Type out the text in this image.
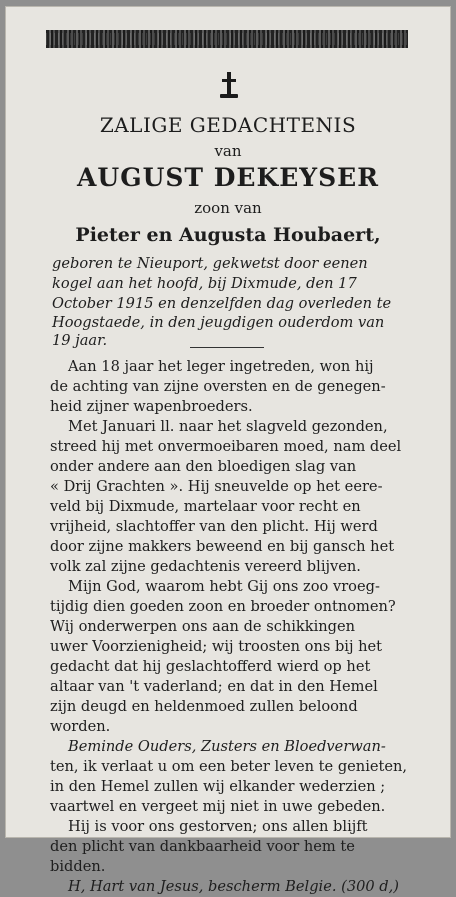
ZALIGE GEDACHTENIS
van
AUGUST DEKEYSER
zoon van
Pieter en Augusta Houbaert,
geboren te Nieuport, gekwetst door eenen
kogel aan het hoofd, bij Dixmude, den 17
October 1915 en denzelfden dag overleden te
Hoogstaede, in den jeugdigen ouderdom van
19 jaar.
Aan 18 jaar het leger ingetreden, won hij
de achting van zijne oversten en de genegen-
heid zijner wapenbroeders.
Met Januari ll. naar het slagveld gezonden,
streed hij met onvermoeibaren moed, nam deel
onder andere aan den bloedigen slag van
« Drij Grachten ». Hij sneuvelde op het eere-
veld bij Dixmude, martelaar voor recht en
vrijheid, slachtoffer van den plicht. Hij werd
door zijne makkers beweend en bij gansch het
volk zal zijne gedachtenis vereerd blijven.
Mijn God, waarom hebt Gij ons zoo vroeg-
tijdig dien goeden zoon en broeder ontnomen?
Wij onderwerpen ons aan de schikkingen
uwer Voorzienigheid; wij troosten ons bij het
gedacht dat hij geslachtofferd wierd op het
altaar van 't vaderland; en dat in den Hemel
zijn deugd en heldenmoed zullen beloond
worden.
Beminde Ouders, Zusters en Bloedverwan-
ten, ik verlaat u om een beter leven te genieten,
in den Hemel zullen wij elkander wederzien ;
vaartwel en vergeet mij niet in uwe gebeden.
Hij is voor ons gestorven; ons allen blijft
den plicht van dankbaarheid voor hem te
bidden.
H, Hart van Jesus, bescherm Belgie. (300 d,)
